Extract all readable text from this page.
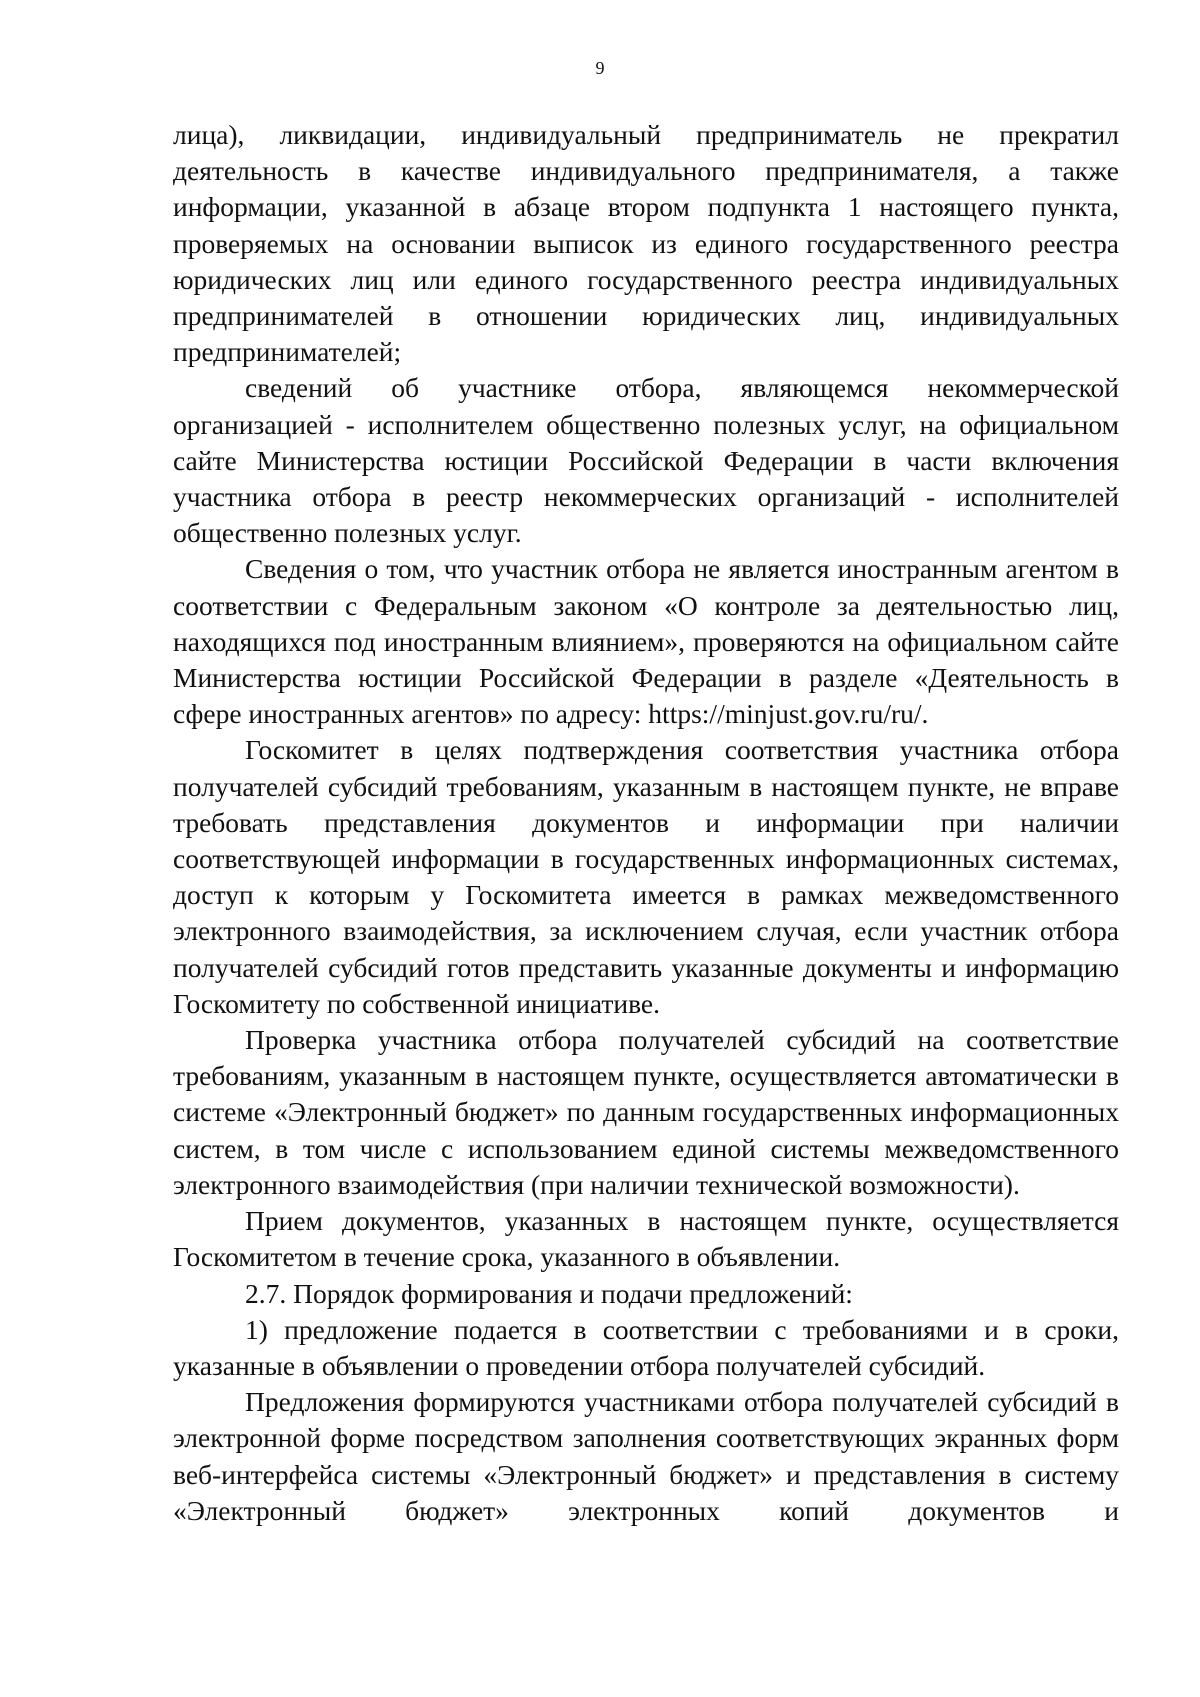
9

лица), ликвидации, индивидуальный предприниматель не прекратил деятельность в качестве индивидуального предпринимателя, а также информации, указанной в абзаце втором подпункта 1 настоящего пункта, проверяемых на основании выписок из единого государственного реестра юридических лиц или единого государственного реестра индивидуальных предпринимателей в отношении юридических лиц, индивидуальных предпринимателей;

сведений об участнике отбора, являющемся некоммерческой организацией - исполнителем общественно полезных услуг, на официальном сайте Министерства юстиции Российской Федерации в части включения участника отбора в реестр некоммерческих организаций - исполнителей общественно полезных услуг.

Сведения о том, что участник отбора не является иностранным агентом в соответствии с Федеральным законом «О контроле за деятельностью лиц, находящихся под иностранным влиянием», проверяются на официальном сайте Министерства юстиции Российской Федерации в разделе «Деятельность в сфере иностранных агентов» по адресу: https://minjust.gov.ru/ru/.

Госкомитет в целях подтверждения соответствия участника отбора получателей субсидий требованиям, указанным в настоящем пункте, не вправе требовать представления документов и информации при наличии соответствующей информации в государственных информационных системах, доступ к которым у Госкомитета имеется в рамках межведомственного электронного взаимодействия, за исключением случая, если участник отбора получателей субсидий готов представить указанные документы и информацию Госкомитету по собственной инициативе.

Проверка участника отбора получателей субсидий на соответствие требованиям, указанным в настоящем пункте, осуществляется автоматически в системе «Электронный бюджет» по данным государственных информационных систем, в том числе с использованием единой системы межведомственного электронного взаимодействия (при наличии технической возможности).

Прием документов, указанных в настоящем пункте, осуществляется Госкомитетом в течение срока, указанного в объявлении.

2.7. Порядок формирования и подачи предложений:

1) предложение подается в соответствии с требованиями и в сроки, указанные в объявлении о проведении отбора получателей субсидий.

Предложения формируются участниками отбора получателей субсидий в электронной форме посредством заполнения соответствующих экранных форм веб-интерфейса системы «Электронный бюджет» и представления в систему «Электронный бюджет» электронных копий документов и
